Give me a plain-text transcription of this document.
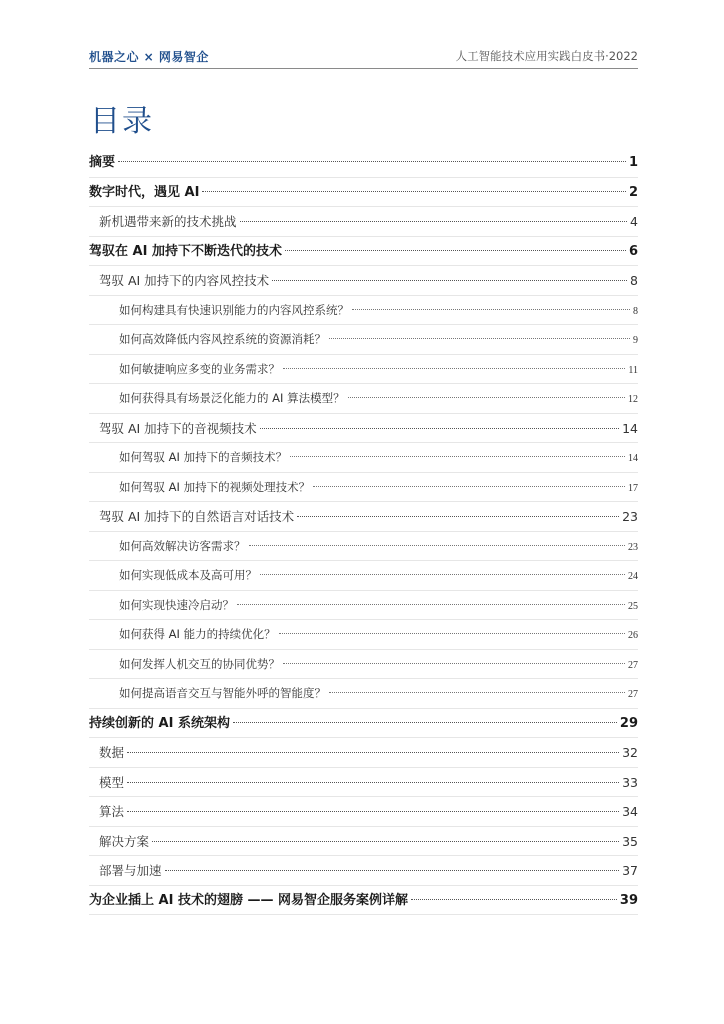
机器之心 × 网易智企	人工智能技术应用实践白皮书·2022
目录
摘要	1
数字时代，遇见 AI	2
新机遇带来新的技术挑战	4
驾驭在 AI 加持下不断迭代的技术	6
驾驭 AI 加持下的内容风控技术	8
如何构建具有快速识别能力的内容风控系统？	8
如何高效降低内容风控系统的资源消耗？	9
如何敏捷响应多变的业务需求？	11
如何获得具有场景泛化能力的 AI 算法模型？	12
驾驭 AI 加持下的音视频技术	14
如何驾驭 AI 加持下的音频技术？	14
如何驾驭 AI 加持下的视频处理技术？	17
驾驭 AI 加持下的自然语言对话技术	23
如何高效解决访客需求？	23
如何实现低成本及高可用？	24
如何实现快速冷启动？	25
如何获得 AI 能力的持续优化？	26
如何发挥人机交互的协同优势？	27
如何提高语音交互与智能外呼的智能度？	27
持续创新的 AI 系统架构	29
数据	32
模型	33
算法	34
解决方案	35
部署与加速	37
为企业插上 AI 技术的翅膀 —— 网易智企服务案例详解	39
